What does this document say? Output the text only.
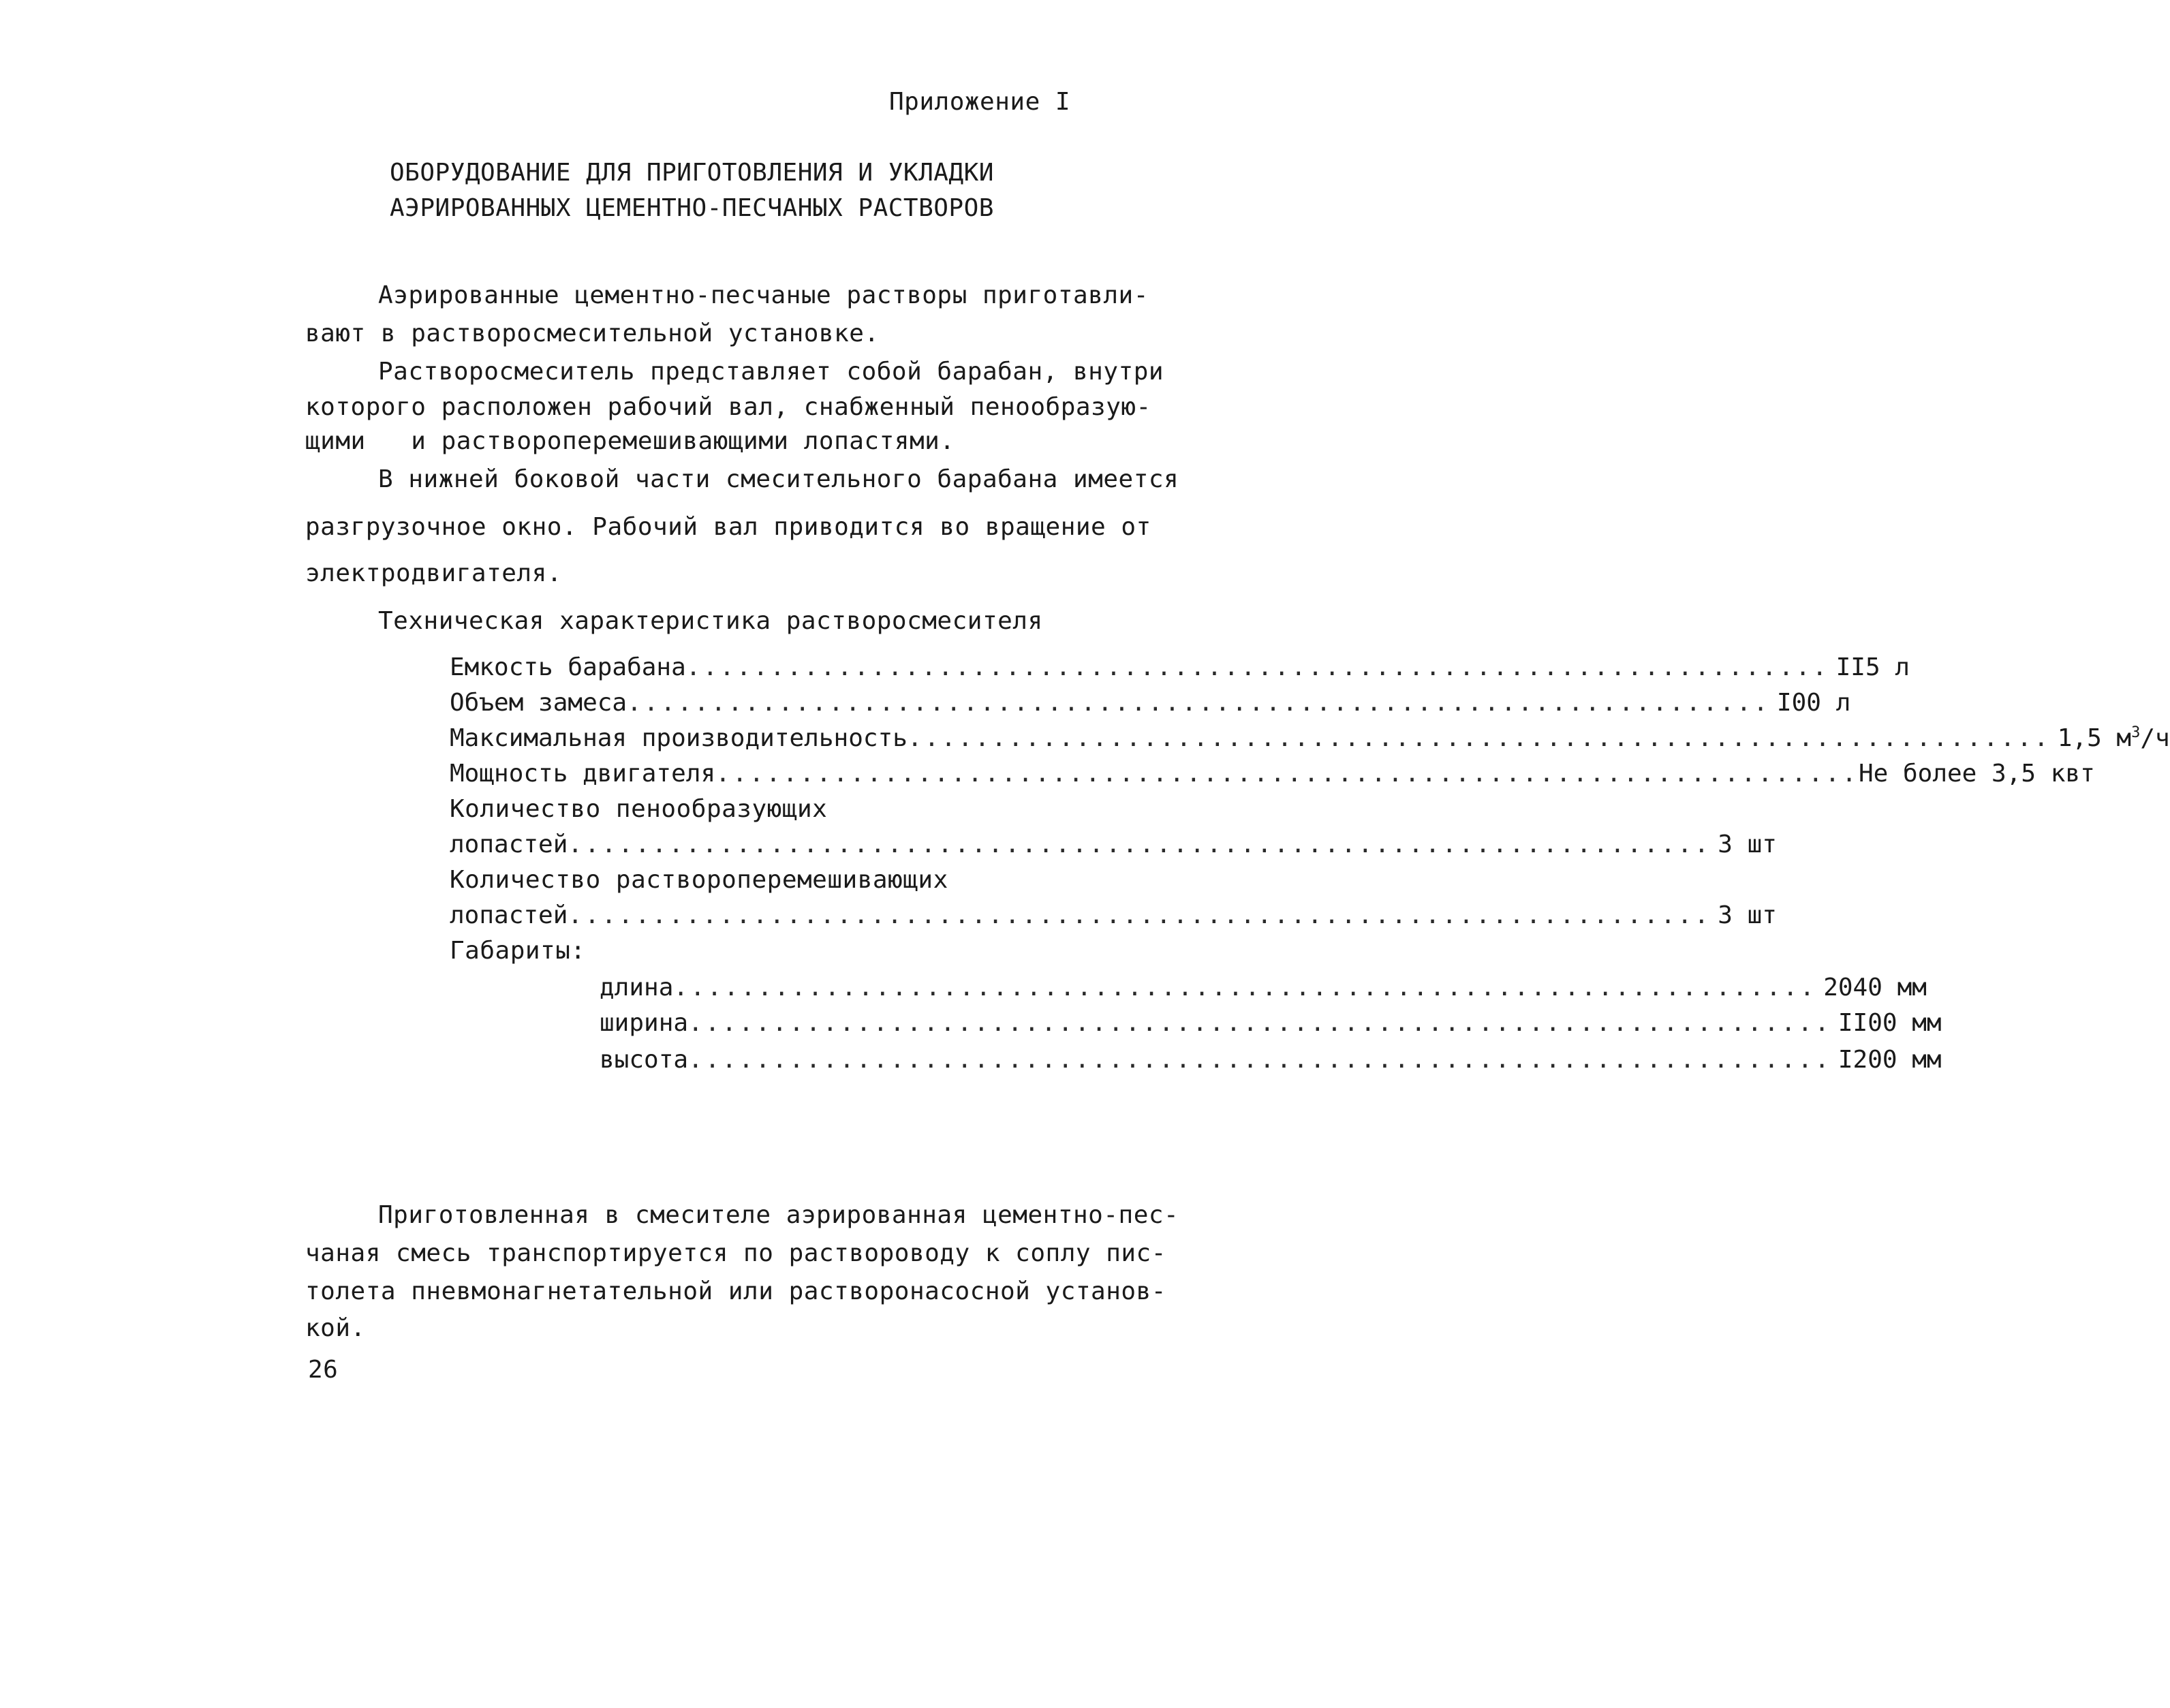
Приложение I
ОБОРУДОВАНИЕ ДЛЯ ПРИГОТОВЛЕНИЯ И УКЛАДКИ
АЭРИРОВАННЫХ ЦЕМЕНТНО-ПЕСЧАНЫХ РАСТВОРОВ
Аэрированные цементно-песчаные растворы приготавли-
вают в растворосмесительной установке.
Растворосмеситель представляет собой барабан, внутри
которого расположен рабочий вал, снабженный пенообразую-
щими   и растворoперемешивающими лопастями.
В нижней боковой части смесительного барабана имеется
разгрузочное окно. Рабочий вал приводится во вращение от
электродвигателя.
Техническая характеристика растворосмесителя
Емкость барабана .................................................................... II5 л
Объем замеса .................................................................... I00 л
Максимальная производительность .................................................................... 1,5 $м^3/ч$
Мощность двигателя .................................................................... Не более 3,5 квт
Количество пенообразующих
лопастей .................................................................... 3 шт
Количество растворoперемешивающих
лопастей .................................................................... 3 шт
Габариты:
длина .................................................................... 2040 мм
ширина .................................................................... II00 мм
высота .................................................................... I200 мм
Приготовленная в смесителе аэрированная цементно-пес-
чаная смесь транспортируется по раствороводу к соплу пис-
толета пневмонагнетательной или растворонасосной установ-
кой.
26
